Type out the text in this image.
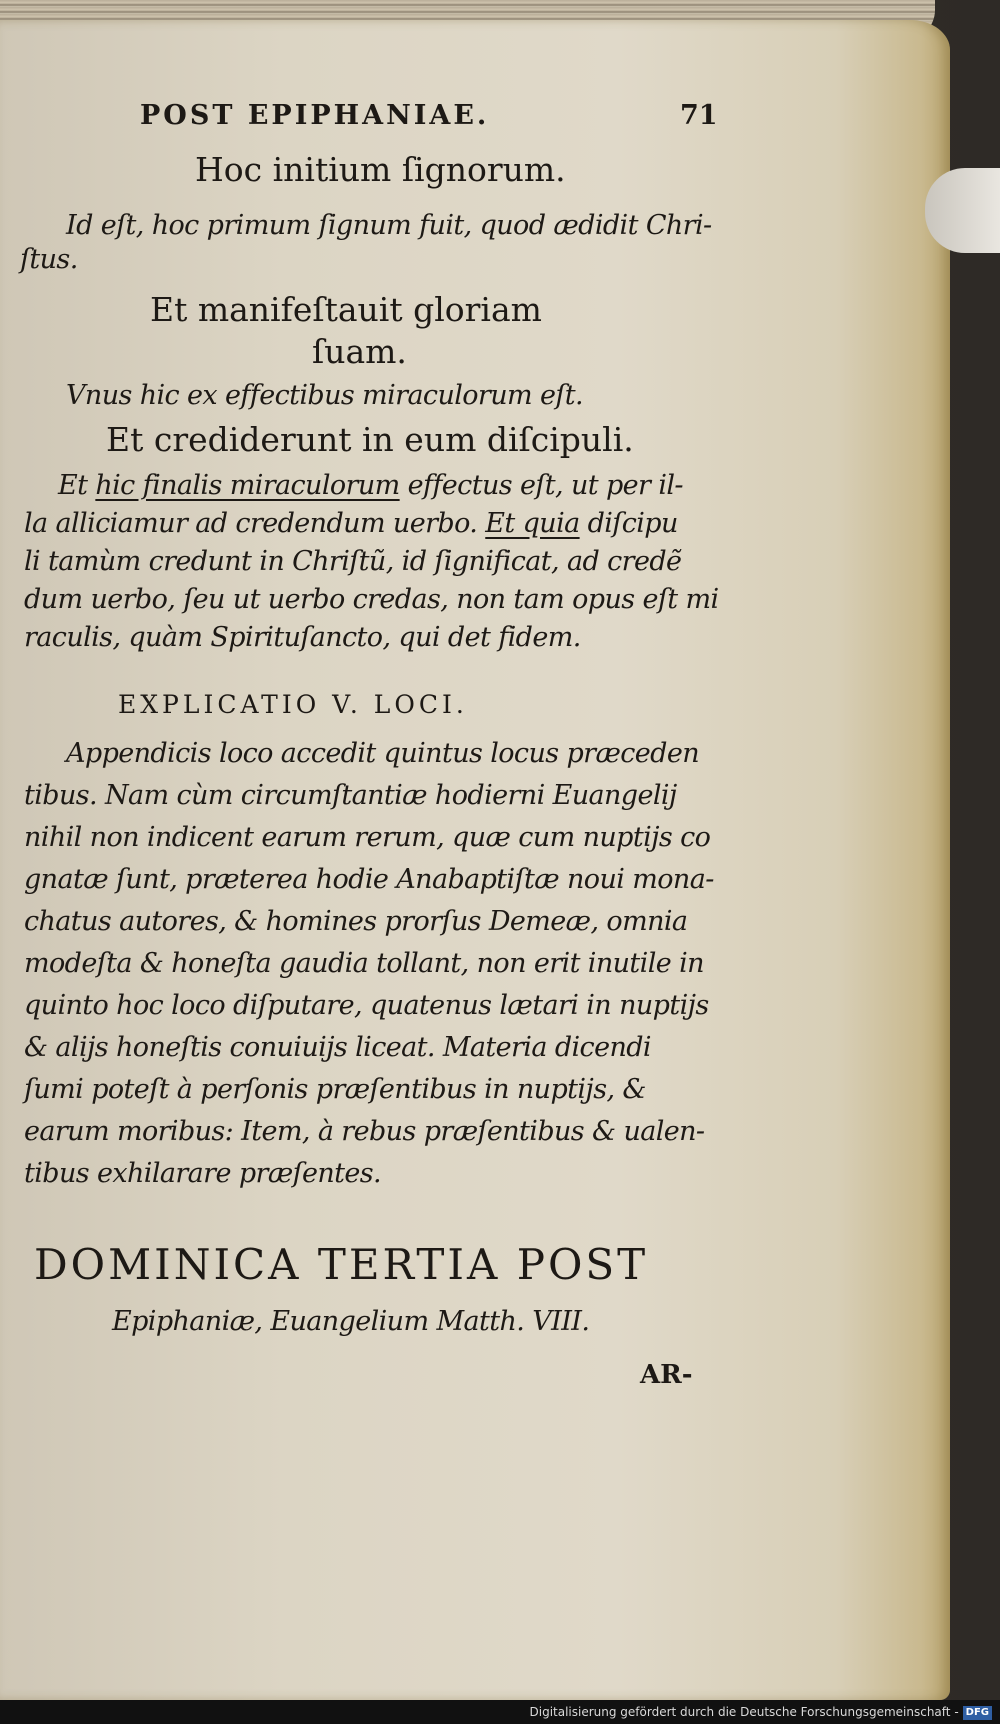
POST EPIPHANIAE.	71
Hoc initium ſignorum.
Id eſt, hoc primum ſignum fuit, quod ædidit Chri-
ſtus.
Et manifeſtauit gloriam
ſuam.
Vnus hic ex effectibus miraculorum eſt.
Et crediderunt in eum diſcipuli.
Et hic finalis miraculorum effectus eſt, ut per il-
la alliciamur ad credendum uerbo. Et quia diſcipu
li tamùm credunt in Chriſtũ, id ſignificat, ad credẽ
dum uerbo, ſeu ut uerbo credas, non tam opus eſt mi
raculis, quàm Spirituſancto, qui det fidem.
EXPLICATIO V. LOCI.
Appendicis loco accedit quintus locus præceden
tibus. Nam cùm circumſtantiæ hodierni Euangelij
nihil non indicent earum rerum, quæ cum nuptijs co
gnatæ ſunt, præterea hodie Anabaptiſtæ noui mona-
chatus autores, & homines prorſus Demeæ, omnia
modeſta & honeſta gaudia tollant, non erit inutile in
quinto hoc loco diſputare, quatenus lætari in nuptijs
& alijs honeſtis conuiuijs liceat. Materia dicendi
ſumi poteſt à perſonis præſentibus in nuptijs, &
earum moribus: Item, à rebus præſentibus & ualen-
tibus exhilarare præſentes.
DOMINICA TERTIA POST
Epiphaniæ, Euangelium Matth. VIII.
AR-
Digitalisierung gefördert durch die Deutsche Forschungsgemeinschaft - DFG
